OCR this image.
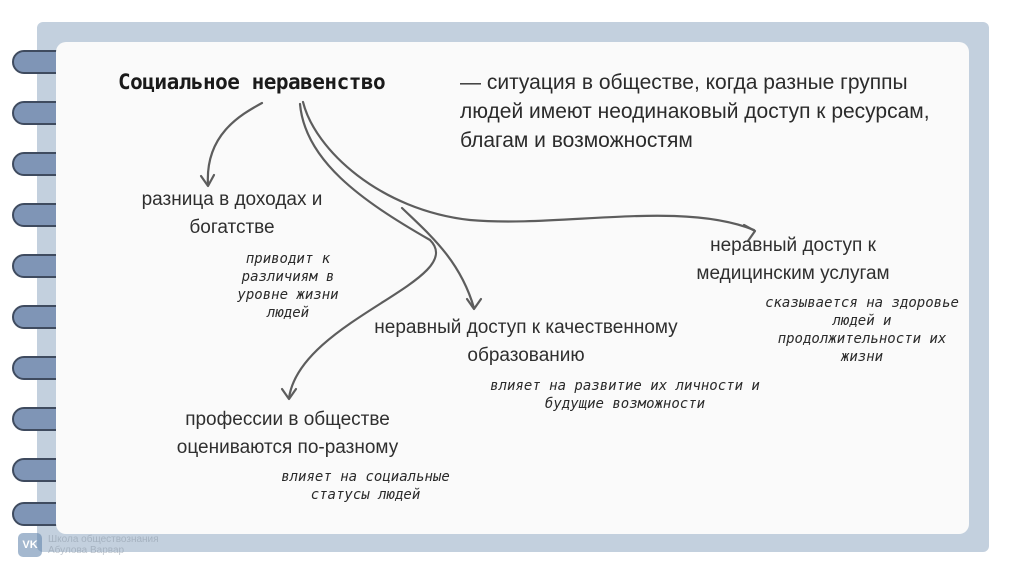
Социальное неравенство	— ситуация в обществе, когда разные группы людей имеют неодинаковый доступ к ресурсам, благам и возможностям
разница в доходах и богатстве
приводит к различиям в уровне жизни людей
неравный доступ к медицинским услугам
сказывается на здоровье людей и продолжительности их жизни
неравный доступ к качественному образованию
влияет на развитие их личности и будущие возможности
профессии в обществе оцениваются по-разному
влияет на социальные статусы людей
VK	Школа обществознания
Абулова Варвар
